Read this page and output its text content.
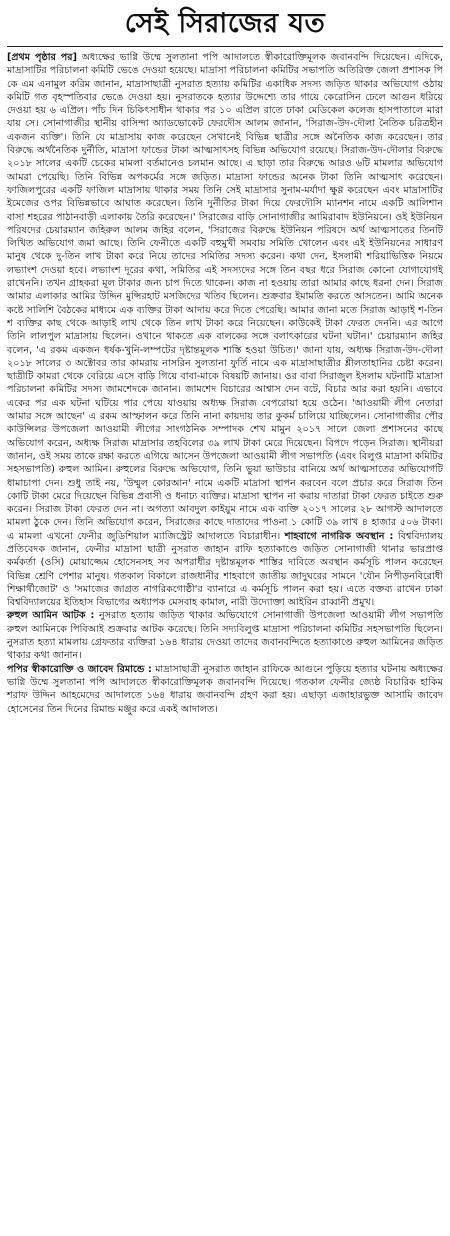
সেই সিরাজের যত

[প্রথম পৃষ্ঠার পর] অধ্যক্ষের ভাগ্নি উম্মে সুলতানা পপি আদালতে স্বীকারোক্তিমূলক জবানবন্দি দিয়েছেন। এদিকে, মাদ্রাসাটির পরিচালনা কমিটি ভেঙে দেওয়া হয়েছে। মাদ্রাসা পরিচালনা কমিটির সভাপতি অতিরিক্ত জেলা প্রশাসক পি কে এম এনামুল করিম জানান, মাদ্রাসাছাত্রী নুসরাত হত্যায় কমিটির একাধিক সদস্য জড়িত থাকার অভিযোগ ওঠায় কমিটি গত বৃহস্পতিবার ভেঙে দেওয়া হয়। নুসরাতকে হত্যার উদ্দেশ্যে তার গায়ে কেরোসিন ঢেলে আগুন ধরিয়ে দেওয়া হয় ৬ এপ্রিল। পাঁচ দিন চিকিৎসাধীন থাকার পর ১০ এপ্রিল রাতে ঢাকা মেডিকেল কলেজ হাসপাতালে মারা যায় সে। সোনাগাজীর স্থানীয় বাসিন্দা অ্যাডভোকেট ফেরদৌস আলম জানান, 'সিরাজ-উদ-দৌলা নৈতিক চরিত্রহীন একজন ব্যক্তি'। তিনি যে মাদ্রাসায় কাজ করেছেন সেখানেই বিভিন্ন ছাত্রীর সঙ্গে অনৈতিক কাজ করেছেন। তার বিরুদ্ধে অর্থনৈতিক দুর্নীতি, মাদ্রাসা ফান্ডের টাকা আত্মসাৎসহ বিভিন্ন অভিযোগ রয়েছে। সিরাজ-উদ-দৌলার বিরুদ্ধে ২০১৮ সালের একটি চেকের মামলা বর্তমানেও চলমান আছে। এ ছাড়া তার বিরুদ্ধে আরও ৬টি মামলার অভিযোগ আমরা পেয়েছি। তিনি বিভিন্ন অপকর্মের সঙ্গে জড়িত। মাদ্রাসা ফান্ডের অনেক টাকা তিনি আত্মসাৎ করেছেন। ফাজিলপুরের একটি ফাজিল মাদ্রাসায় থাকার সময় তিনি সেই মাদ্রাসার সুনাম-মর্যাদা ক্ষুণ্ণ করেছেন এবং মাদ্রাসাটির ইমেজের ওপর বিভিন্নভাবে আঘাত করেছেন। তিনি দুর্নীতির টাকা দিয়ে ফেরদৌসি ম্যানশন নামে একটি আলিশান বাসা শহরের পাঠানবাড়ী এলাকায় তৈরি করেছেন।' সিরাজের বাড়ি সোনাগাজীর আমিরাবাদ ইউনিয়নে। ওই ইউনিয়ন পরিষদের চেয়ারম্যান জহিরুল আলম জহির বলেন, 'সিরাজের বিরুদ্ধে ইউনিয়ন পরিষদে অর্থ আত্মসাতের তিনটি লিখিত অভিযোগ জমা আছে। তিনি ফেনীতে একটি বহুমুখী সমবায় সমিতি খোলেন এবং এই ইউনিয়নের সাধারণ মানুষ থেকে দু-তিন লাখ টাকা করে নিয়ে তাদের সমিতির সদস্য করেন। কথা দেন, ইসলামী শরিয়াভিত্তিক নিয়মে লভ্যাংশ দেওয়া হবে। লভ্যাংশ দূরের কথা, সমিতির এই সদস্যদের সঙ্গে তিন বছর ধরে সিরাজ কোনো যোগাযোগই রাখেননি। তখন গ্রাহকরা মূল টাকার জন্য চাপ দিতে থাকেন। কাজ না হওয়ায় তারা আমার কাছে ধরনা দেন। সিরাজ আমার এলাকার আমির উদ্দিন মুন্সিরহাট মসজিদের খতিব ছিলেন। শুক্রবার ইমামতি করতে আসতেন। আমি অনেক কষ্টে সালিশি বৈঠকের মাধ্যমে এক ব্যক্তির টাকা আদায় করে দিতে পেরেছি। আমার জানা মতে সিরাজ আড়াই শ-তিন শ ব্যক্তির কাছ থেকে আড়াই লাখ থেকে তিন লাখ টাকা করে নিয়েছেন। কাউকেই টাকা ফেরত দেননি। এর আগে তিনি লালপুল মাদ্রাসায় ছিলেন। ওখানে থাকতে এক বালকের সঙ্গে বলাৎকারের ঘটনা ঘটান।' চেয়ারম্যান জহির বলেন, 'এ রকম একজন ধর্ষক-খুনি-লম্পটের দৃষ্টান্তমূলক শাস্তি হওয়া উচিত।' জানা যায়, অধ্যক্ষ সিরাজ-উদ-দৌলা ২০১৮ সালের ৩ অক্টোবর তার কামরায় নাসরিন সুলতানা ফুর্তি নামে এক মাদ্রাসাছাত্রীর শ্লীলতাহানির চেষ্টা করেন। ছাত্রীটি কামরা থেকে বেরিয়ে এসে বাড়ি গিয়ে বাবা-মাকে বিষয়টি জানায়। ওর বাবা সিরাজুল ইসলাম ঘটনাটি মাদ্রাসা পরিচালনা কমিটির সদস্য জামশেদকে জানান। জামশেদ বিচারের আশ্বাস দেন বটে, বিচার আর করা হয়নি। এভাবে একের পর এক ঘটনা ঘটিয়ে পার পেয়ে যাওয়ায় অধ্যক্ষ সিরাজ বেপরোয়া হয়ে ওঠেন। 'আওয়ামী লীগ নেতারা আমার সঙ্গে আছেন' এ রকম আস্ফালন করে তিনি নানা কায়দায় তার কুকর্ম চালিয়ে যাচ্ছিলেন। সোনাগাজীর পৌর কাউন্সিলর উপজেলা আওয়ামী লীগের সাংগঠনিক সম্পাদক শেখ মামুন ২০১৭ সালে জেলা প্রশাসনের কাছে অভিযোগ করেন, অধ্যক্ষ সিরাজ মাদ্রাসার তহবিলের ৩৯ লাখ টাকা মেরে দিয়েছেন। বিপদে পড়েন সিরাজ। স্থানীয়রা জানান, ওই সময় তাকে রক্ষা করতে এগিয়ে আসেন উপজেলা আওয়ামী লীগ সভাপতি (এবং বিলুপ্ত মাদ্রাসা কমিটির সহসভাপতি) রুহুল আমিন। রুহুলের বিরুদ্ধে অভিযোগ, তিনি ভুয়া ভাউচার বানিয়ে অর্থ আত্মসাতের অভিযোগটি ধামাচাপা দেন। শুধু তাই নয়, 'উম্মুল কোরআন' নামে একটি মাদ্রাসা স্থাপন করবেন বলে প্রচার করে সিরাজ তিন কোটি টাকা মেরে দিয়েছেন বিভিন্ন প্রবাসী ও ধনাঢ্য ব্যক্তির। মাদ্রাসা স্থাপন না করায় দাতারা টাকা ফেরত চাইতে শুরু করেন। সিরাজ টাকা ফেরত দেন না। অগত্যা আবদুল কাইয়ুম নামে এক ব্যক্তি ২০১৭ সালের ২৮ আগস্ট আদালতে মামলা ঠুকে দেন। তিনি অভিযোগ করেন, সিরাজের কাছে দাতাদের পাওনা ১ কোটি ৩৯ লাখ ৪ হাজার ৫০৬ টাকা। এ মামলা এখনো ফেনীর জুডিশিয়াল ম্যাজিস্ট্রেট আদালতে বিচারাধীন। শাহবাগে নাগরিক অবস্থান : বিশ্ববিদ্যালয় প্রতিবেদক জানান, ফেনীর মাদ্রাসা ছাত্রী নুসরাত জাহান রাফি হত্যাকাণ্ডে জড়িত সোনাগাজী থানার ভারপ্রাপ্ত কর্মকর্তা (ওসি) মোয়াজ্জেম হোসেনসহ সব অপরাধীর দৃষ্টান্তমূলক শাস্তির দাবিতে অবস্থান কর্মসূচি পালন করেছেন বিভিন্ন শ্রেণি পেশার মানুষ। গতকাল বিকালে রাজধানীর শাহবাগে জাতীয় জাদুঘরের সামনে 'যৌন নিপীড়নবিরোধী শিক্ষার্থীজোট' ও 'সমাজের জাগ্রত নাগরিকগোষ্ঠী'র ব্যানারে এ কর্মসূচি পালন করা হয়। এতে বক্তব্য রাখেন ঢাকা বিশ্ববিদ্যালয়ের ইতিহাস বিভাগের অধ্যাপক মেসবাহ কামাল, নারী উদ্যোক্তা আইরিন রাব্বানী প্রমুখ।

রুহুল আমিন আটক : নুসরাত হত্যায় জড়িত থাকার অভিযোগে সোনাগাজী উপজেলা আওয়ামী লীগ সভাপতি রুহুল আমিনকে পিবিআই শুক্রবার আটক করেছে। তিনি সদ্যবিলুপ্ত মাদ্রাসা পরিচালনা কমিটির সহসভাপতি ছিলেন। নুসরাত হত্যা মামলায় গ্রেফতার ব্যক্তিরা ১৬৪ ধারায় দেওয়া তাদের জবানবন্দিতে হত্যাকাণ্ডে রুহুল আমিনের জড়িত থাকার কথা জানান।

পপির স্বীকারোক্তি ও জাবেদ রিমান্ডে : মাদ্রাসাছাত্রী নুসরাত জাহান রাফিকে আগুনে পুড়িয়ে হত্যার ঘটনায় অধ্যক্ষের ভাগ্নি উম্মে সুলতানা পপি আদালতে স্বীকারোক্তিমূলক জবানবন্দি দিয়েছে। গতকাল ফেনীর জ্যেষ্ঠ বিচারিক হাকিম শরাফ উদ্দিন আহমেদের আদালতে ১৬৪ ধারায় জবানবন্দি গ্রহণ করা হয়। এছাড়া এজাহারভুক্ত আসামি জাবেদ হোসেনের তিন দিনের রিমান্ড মঞ্জুর করে একই আদালত।
